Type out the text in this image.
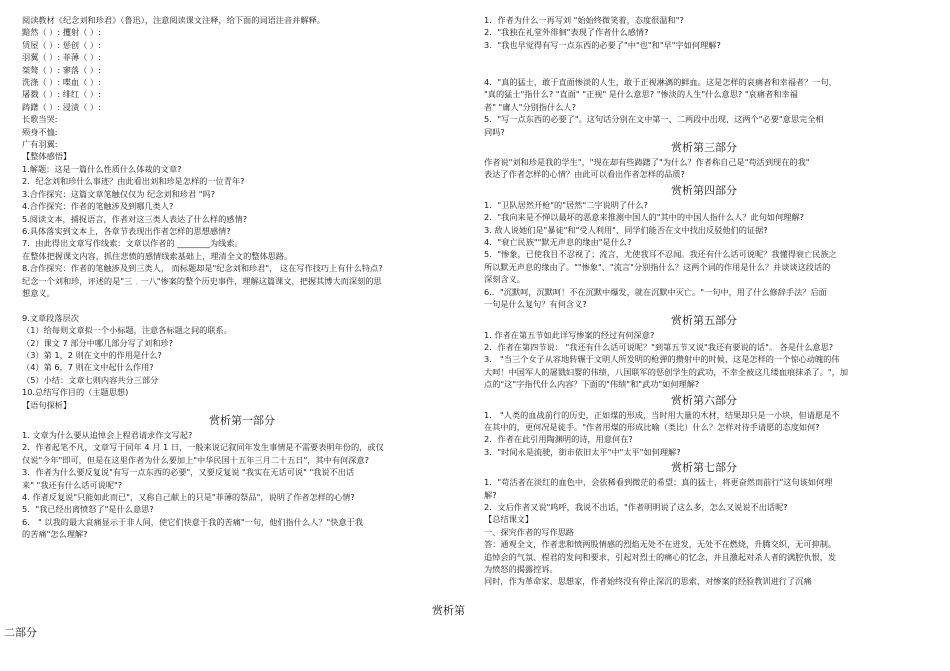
阅读教材《纪念刘和珍君》（鲁迅），注意阅读课文注释，给下面的词语注音并解释。
黯然（ ）: 攫射（ ）:
赁屋（ ）: 惩创（ ）:
羽翼（ ）: 菲薄（ ）:
桀骜（ ）: 寥落（ ）:
洗涤（ ）: 喋血（ ）:
屠戮（ ）: 绯红（ ）:
踌躇（ ）: 浸渍（ ）:
长歌当哭:
殒身不恤:
广有羽翼:
【整体感悟】
1.解题：这是一篇什么性质什么体裁的文章?
2．纪念刘和珍什么事迹？由此看出刘和珍是怎样的一位青年?
3.合作探究：这篇文章笔触仅仅为 纪念刘和珍君 "吗?
4.合作探究：作者的笔触涉及到哪几类人?
5.阅读文本，捕捉语言，作者对这三类人表达了什么样的感情?
6.具体落实到文本上，各章节表现出作者怎样的思想感情?
7．由此得出文章写作线索：文章以作者的 ________为线索。
在整体把握课文内容，抓住悲愤的感情线索基础上，理清全文的整体思路。
8.合作探究：作者的笔触涉及到三类人， 而标题却是"纪念刘和珍君"， 这在写作技巧上有什么特点?
纪念一个刘和珍，评述的是"三﹒一八"惨案的整个历史事件，理解这篇课文，把握其博大而深刻的思
想意义。
9.文章段落层次
（1）给每则文章拟一个小标题，注意各标题之间的联系。
（2）课文 7 部分中哪几部分写了刘和珍?
（3）第 1，2 则在文中的作用是什么?
（4）第 6，7 则在文中起什么作用?
（5）小结：文章七则内容共分三部分
10.总结写作目的（主题思想)
【语句探析】
赏析第一部分
1. 文章为什么要从追悼会上程君请求作文写起?
2．作者起笔不凡，文章写于同年 4 月 1 日，一般来说记叙同年发生事情是不需要表明年份的，或仅
仅说"今年"即可，但是在这里作者为什么要加上"中华民国十五年三月二十五日"，其中有何深意?
3．作者为什么要反复说"有写一点东西的必要"，又要反复说 "我实在无话可说" "我说不出话
来" "我还有什么话可说呢"?
4. 作者反复说"只能如此而已"，又称自己献上的只是"菲薄的祭品"，说明了作者怎样的心情?
5．"我已经出离愤怒了"是什么意思?
6． " 以我的最大哀痛显示于非人间，使它们快意于我的苦痛"一句，他们指什么人？"快意于我
的苦痛"怎么理解?
赏析第
二部分
1．作者为什么一再写刘 "始始终微笑着，态度很温和"?
2．"我独在礼堂外徘徊"表现了作者什么感情?
3．"我也早觉得有写一点东西的必要了"中"也"和"早"字如何理解?
4．"真的猛士，敢于直面惨淡的人生，敢于正视淋漓的鲜血。这是怎样的哀痛者和幸福者？一句，
"真的猛士"指什么? "直面" "正视" 是什么意思? "惨淡的人生"什么意思? "哀痛者和幸福
者" "庸人"分别指什么人?
5．"写一点东西的必要了"。这句话分别在文中第一、二两段中出现，这两个"必要"意思完全相
同吗?
赏析第三部分
作者说"刘和珍是我的学生"，"现在却有些踌躇了"为什么？作者称自己是"苟活到现在的我"
表达了作者怎样的心情？由此可以看出作者怎样的品质?
赏析第四部分
1．"卫队居然开枪"的"居然"二字说明了什么?
2．"我向来是不惮以最坏的恶意来推测中国人的"其中的中国人指什么人？此句如何理解?
3. 敌人说她们是"暴徒"和"受人利用"，同学们能否在文中找出反驳他们的证据?
4．"衰亡民族""默无声息的缘由"是什么?
5．"惨象，已使我目不忍视了；流言，尤使我耳不忍闻。我还有什么话可说呢？我懂得衰亡民族之
所以默无声息的缘由了。""惨象"、"流言"分别指什么？这两个词的作用是什么？并谈谈这段话的
深刻含义。
6.．"沉默呵，沉默呵！不在沉默中爆发，就在沉默中灭亡。"一句中，用了什么修辞手法？后面
一句是什么复句？有何含义?
赏析第五部分
1. 作者在第五节如此详写惨案的经过有何深意?
2．作者在第四节说： "我还有什么话可说呢？"到第五节又说"我还有要说的话"。 各是什么意思?
3． "当三个女子从容地转辗于文明人所发明的枪弹的攒射中的时候，这是怎样的一个惊心动魄的伟
大呵！中国军人的屠戮妇婴的伟绩，八国联军的惩创学生的武功，不幸全被这几缕血痕抹杀了。"，加
点的"这"字指代什么内容？下面的"伟绩"和"武功"如何理解?
赏析第六部分
1． "人类的血战前行的历史，正如煤的形成，当时用大量的木材，结果却只是一小块，但请愿是不
在其中的，更何况是徒手。"作者用煤的形成比喻（类比）什么？怎样对待手请愿的态度如何?
2．作者在此引用陶渊明的诗，用意何在?
3．"时间永是流驶，街市依旧太平"中"太平"如何理解?
赏析第七部分
1．"苟活者在淡红的血色中，会依稀看到微茫的希望；真的猛士，将更奋然而前行"这句该如何理
解?
2．文后作者又说"呜呼，我说不出话，"作者明明说了这么多，怎么又说说不出话呢?
【总结课文】
一、探究作者的写作思路
答：通观全文，作者悲和愤两股情感的烈焰无处不在迸发，无处不在燃烧，升腾交织，无可抑制。
追悼会的气氛、程君的发问和要求，引起对烈士的痛心的忆念，并且激起对杀人者的满腔仇恨，发
为愤怒的揭露控诉。
同时，作为革命家、思想家，作者始终没有停止深沉的思索，对惨案的经验教训进行了沉痛
